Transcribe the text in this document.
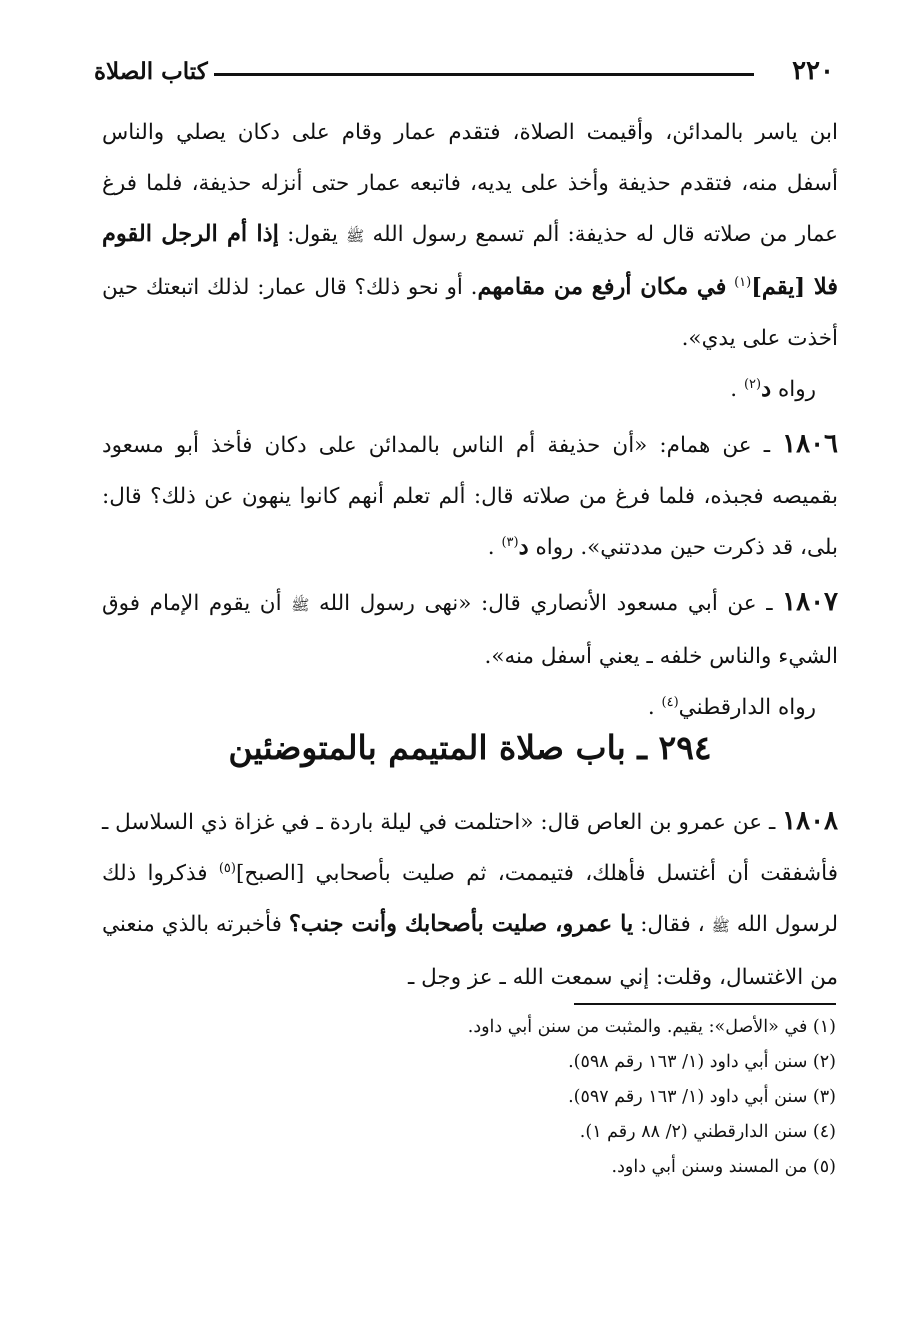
٢٢٠
كتاب الصلاة

ابن ياسر بالمدائن، وأقيمت الصلاة، فتقدم عمار وقام على دكان يصلي والناس أسفل منه، فتقدم حذيفة وأخذ على يديه، فاتبعه عمار حتى أنزله حذيفة، فلما فرغ عمار من صلاته قال له حذيفة: ألم تسمع رسول الله ﷺ يقول: إذا أم الرجل القوم فلا [يقم]$^{(١)}$ في مكان أرفع من مقامهم. أو نحو ذلك؟ قال عمار: لذلك اتبعتك حين أخذت على يدي».

رواه د$^{(٢)}$ .

١٨٠٦ ـ عن همام: «أن حذيفة أم الناس بالمدائن على دكان فأخذ أبو مسعود بقميصه فجبذه، فلما فرغ من صلاته قال: ألم تعلم أنهم كانوا ينهون عن ذلك؟ قال: بلى، قد ذكرت حين مددتني». رواه د$^{(٣)}$ .

١٨٠٧ ـ عن أبي مسعود الأنصاري قال: «نهى رسول الله ﷺ أن يقوم الإمام فوق الشيء والناس خلفه ـ يعني أسفل منه».

رواه الدارقطني$^{(٤)}$ .

٢٩٤ ـ باب صلاة المتيمم بالمتوضئين

١٨٠٨ ـ عن عمرو بن العاص قال: «احتلمت في ليلة باردة ـ في غزاة ذي السلاسل ـ فأشفقت أن أغتسل فأهلك، فتيممت، ثم صليت بأصحابي [الصبح]$^{(٥)}$ فذكروا ذلك لرسول الله ﷺ ، فقال: يا عمرو، صليت بأصحابك وأنت جنب؟ فأخبرته بالذي منعني من الاغتسال، وقلت: إني سمعت الله ـ عز وجل ـ

(١) في «الأصل»: يقيم. والمثبت من سنن أبي داود.
(٢) سنن أبي داود (١/ ١٦٣ رقم ٥٩٨).
(٣) سنن أبي داود (١/ ١٦٣ رقم ٥٩٧).
(٤) سنن الدارقطني (٢/ ٨٨ رقم ١).
(٥) من المسند وسنن أبي داود.
